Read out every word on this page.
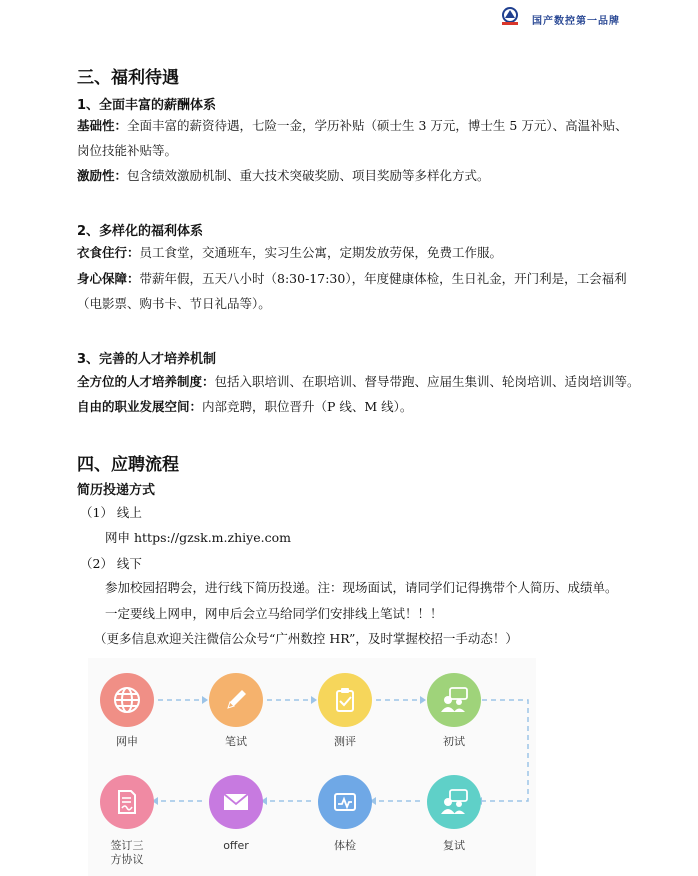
国产数控第一品牌
三、福利待遇
1、全面丰富的薪酬体系
基础性：全面丰富的薪资待遇，七险一金，学历补贴（硕士生 3 万元，博士生 5 万元）、高温补贴、
岗位技能补贴等。
激励性：包含绩效激励机制、重大技术突破奖励、项目奖励等多样化方式。
2、多样化的福利体系
衣食住行：员工食堂，交通班车，实习生公寓，定期发放劳保，免费工作服。
身心保障：带薪年假，五天八小时（8:30-17:30），年度健康体检，生日礼金，开门利是，工会福利
（电影票、购书卡、节日礼品等）。
3、完善的人才培养机制
全方位的人才培养制度：包括入职培训、在职培训、督导带跑、应届生集训、轮岗培训、适岗培训等。
自由的职业发展空间：内部竞聘，职位晋升（P 线、M 线）。
四、应聘流程
简历投递方式
（1） 线上
网申 https://gzsk.m.zhiye.com
（2） 线下
参加校园招聘会，进行线下简历投递。注：现场面试，请同学们记得携带个人简历、成绩单。
一定要线上网申，网申后会立马给同学们安排线上笔试！！！
（更多信息欢迎关注微信公众号“广州数控 HR”，及时掌握校招一手动态！）
网申	笔试	测评	初试
复试
体检
offer
签订三
方协议
